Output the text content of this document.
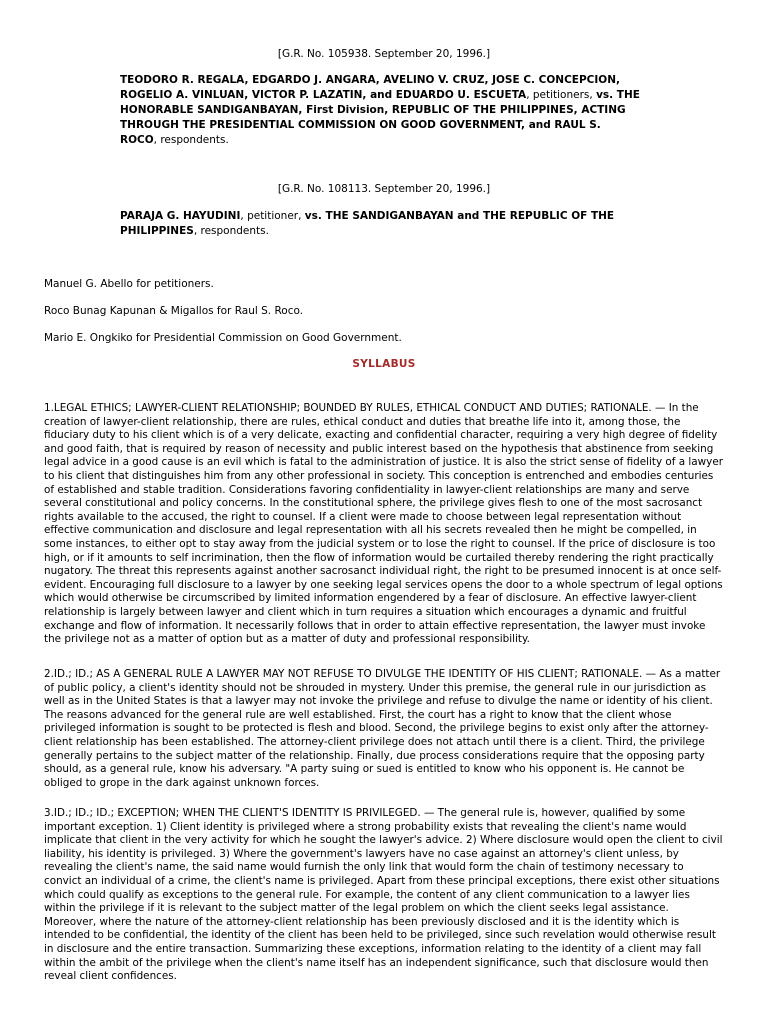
[G.R. No. 105938. September 20, 1996.]
TEODORO R. REGALA, EDGARDO J. ANGARA, AVELINO V. CRUZ, JOSE C. CONCEPCION, ROGELIO A. VINLUAN, VICTOR P. LAZATIN, and EDUARDO U. ESCUETA, petitioners, vs. THE HONORABLE SANDIGANBAYAN, First Division, REPUBLIC OF THE PHILIPPINES, ACTING THROUGH THE PRESIDENTIAL COMMISSION ON GOOD GOVERNMENT, and RAUL S. ROCO, respondents.
[G.R. No. 108113. September 20, 1996.]
PARAJA G. HAYUDINI, petitioner, vs. THE SANDIGANBAYAN and THE REPUBLIC OF THE PHILIPPINES, respondents.
Manuel G. Abello for petitioners.
Roco Bunag Kapunan & Migallos for Raul S. Roco.
Mario E. Ongkiko for Presidential Commission on Good Government.
SYLLABUS
1.LEGAL ETHICS; LAWYER-CLIENT RELATIONSHIP; BOUNDED BY RULES, ETHICAL CONDUCT AND DUTIES; RATIONALE. — In the creation of lawyer-client relationship, there are rules, ethical conduct and duties that breathe life into it, among those, the fiduciary duty to his client which is of a very delicate, exacting and confidential character, requiring a very high degree of fidelity and good faith, that is required by reason of necessity and public interest based on the hypothesis that abstinence from seeking legal advice in a good cause is an evil which is fatal to the administration of justice. It is also the strict sense of fidelity of a lawyer to his client that distinguishes him from any other professional in society. This conception is entrenched and embodies centuries of established and stable tradition. Considerations favoring confidentiality in lawyer-client relationships are many and serve several constitutional and policy concerns. In the constitutional sphere, the privilege gives flesh to one of the most sacrosanct rights available to the accused, the right to counsel. If a client were made to choose between legal representation without effective communication and disclosure and legal representation with all his secrets revealed then he might be compelled, in some instances, to either opt to stay away from the judicial system or to lose the right to counsel. If the price of disclosure is too high, or if it amounts to self incrimination, then the flow of information would be curtailed thereby rendering the right practically nugatory. The threat this represents against another sacrosanct individual right, the right to be presumed innocent is at once self-evident. Encouraging full disclosure to a lawyer by one seeking legal services opens the door to a whole spectrum of legal options which would otherwise be circumscribed by limited information engendered by a fear of disclosure. An effective lawyer-client relationship is largely between lawyer and client which in turn requires a situation which encourages a dynamic and fruitful exchange and flow of information. It necessarily follows that in order to attain effective representation, the lawyer must invoke the privilege not as a matter of option but as a matter of duty and professional responsibility.
2.ID.; ID.; AS A GENERAL RULE A LAWYER MAY NOT REFUSE TO DIVULGE THE IDENTITY OF HIS CLIENT; RATIONALE. — As a matter of public policy, a client's identity should not be shrouded in mystery. Under this premise, the general rule in our jurisdiction as well as in the United States is that a lawyer may not invoke the privilege and refuse to divulge the name or identity of his client. The reasons advanced for the general rule are well established. First, the court has a right to know that the client whose privileged information is sought to be protected is flesh and blood. Second, the privilege begins to exist only after the attorney-client relationship has been established. The attorney-client privilege does not attach until there is a client. Third, the privilege generally pertains to the subject matter of the relationship. Finally, due process considerations require that the opposing party should, as a general rule, know his adversary. "A party suing or sued is entitled to know who his opponent is. He cannot be obliged to grope in the dark against unknown forces.
3.ID.; ID.; ID.; EXCEPTION; WHEN THE CLIENT'S IDENTITY IS PRIVILEGED. — The general rule is, however, qualified by some important exception. 1) Client identity is privileged where a strong probability exists that revealing the client's name would implicate that client in the very activity for which he sought the lawyer's advice. 2) Where disclosure would open the client to civil liability, his identity is privileged. 3) Where the government's lawyers have no case against an attorney's client unless, by revealing the client's name, the said name would furnish the only link that would form the chain of testimony necessary to convict an individual of a crime, the client's name is privileged. Apart from these principal exceptions, there exist other situations which could qualify as exceptions to the general rule. For example, the content of any client communication to a lawyer lies within the privilege if it is relevant to the subject matter of the legal problem on which the client seeks legal assistance. Moreover, where the nature of the attorney-client relationship has been previously disclosed and it is the identity which is intended to be confidential, the identity of the client has been held to be privileged, since such revelation would otherwise result in disclosure and the entire transaction. Summarizing these exceptions, information relating to the identity of a client may fall within the ambit of the privilege when the client's name itself has an independent significance, such that disclosure would then reveal client confidences.
